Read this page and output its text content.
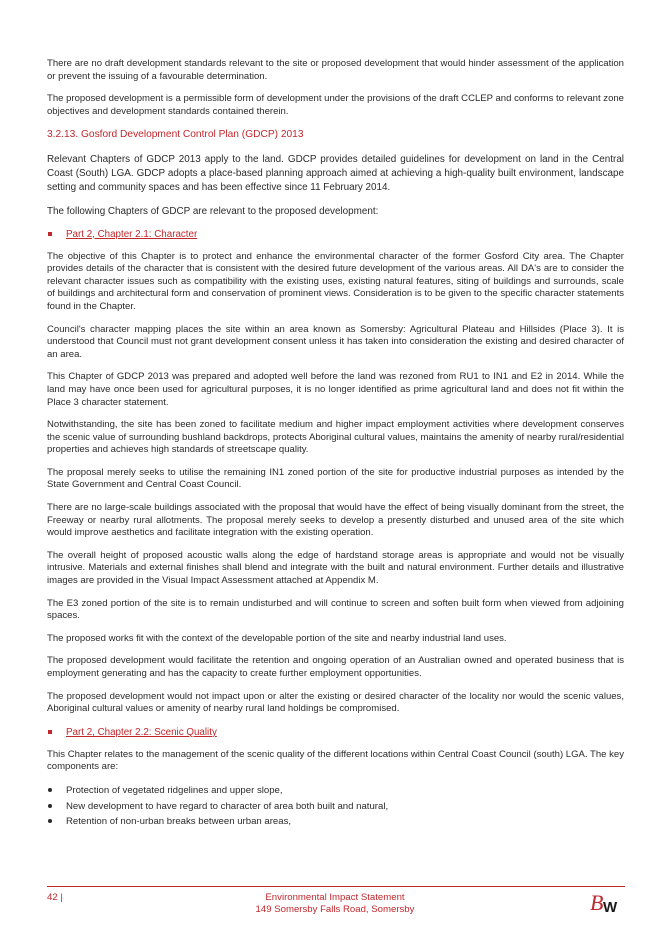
There are no draft development standards relevant to the site or proposed development that would hinder assessment of the application or prevent the issuing of a favourable determination.

The proposed development is a permissible form of development under the provisions of the draft CCLEP and conforms to relevant zone objectives and development standards contained therein.

3.2.13. Gosford Development Control Plan (GDCP) 2013

Relevant Chapters of GDCP 2013 apply to the land. GDCP provides detailed guidelines for development on land in the Central Coast (South) LGA. GDCP adopts a place-based planning approach aimed at achieving a high-quality built environment, landscape setting and community spaces and has been effective since 11 February 2014.

The following Chapters of GDCP are relevant to the proposed development:

Part 2, Chapter 2.1: Character

The objective of this Chapter is to protect and enhance the environmental character of the former Gosford City area. The Chapter provides details of the character that is consistent with the desired future development of the various areas. All DA's are to consider the relevant character issues such as compatibility with the existing uses, existing natural features, siting of buildings and surrounds, scale of buildings and architectural form and conservation of prominent views. Consideration is to be given to the specific character statements found in the Chapter.

Council's character mapping places the site within an area known as Somersby: Agricultural Plateau and Hillsides (Place 3). It is understood that Council must not grant development consent unless it has taken into consideration the existing and desired character of an area.

This Chapter of GDCP 2013 was prepared and adopted well before the land was rezoned from RU1 to IN1 and E2 in 2014. While the land may have once been used for agricultural purposes, it is no longer identified as prime agricultural land and does not fit within the Place 3 character statement.

Notwithstanding, the site has been zoned to facilitate medium and higher impact employment activities where development conserves the scenic value of surrounding bushland backdrops, protects Aboriginal cultural values, maintains the amenity of nearby rural/residential properties and achieves high standards of streetscape quality.

The proposal merely seeks to utilise the remaining IN1 zoned portion of the site for productive industrial purposes as intended by the State Government and Central Coast Council.

There are no large-scale buildings associated with the proposal that would have the effect of being visually dominant from the street, the Freeway or nearby rural allotments. The proposal merely seeks to develop a presently disturbed and unused area of the site which would improve aesthetics and facilitate integration with the existing operation.

The overall height of proposed acoustic walls along the edge of hardstand storage areas is appropriate and would not be visually intrusive. Materials and external finishes shall blend and integrate with the built and natural environment. Further details and illustrative images are provided in the Visual Impact Assessment attached at Appendix M.

The E3 zoned portion of the site is to remain undisturbed and will continue to screen and soften built form when viewed from adjoining spaces.

The proposed works fit with the context of the developable portion of the site and nearby industrial land uses.

The proposed development would facilitate the retention and ongoing operation of an Australian owned and operated business that is employment generating and has the capacity to create further employment opportunities.

The proposed development would not impact upon or alter the existing or desired character of the locality nor would the scenic values, Aboriginal cultural values or amenity of nearby rural land holdings be compromised.

Part 2, Chapter 2.2: Scenic Quality

This Chapter relates to the management of the scenic quality of the different locations within Central Coast Council (south) LGA. The key components are:

Protection of vegetated ridgelines and upper slope,
New development to have regard to character of area both built and natural,
Retention of non-urban breaks between urban areas,
42 |	Environmental Impact Statement
149 Somersby Falls Road, Somersby	B W
